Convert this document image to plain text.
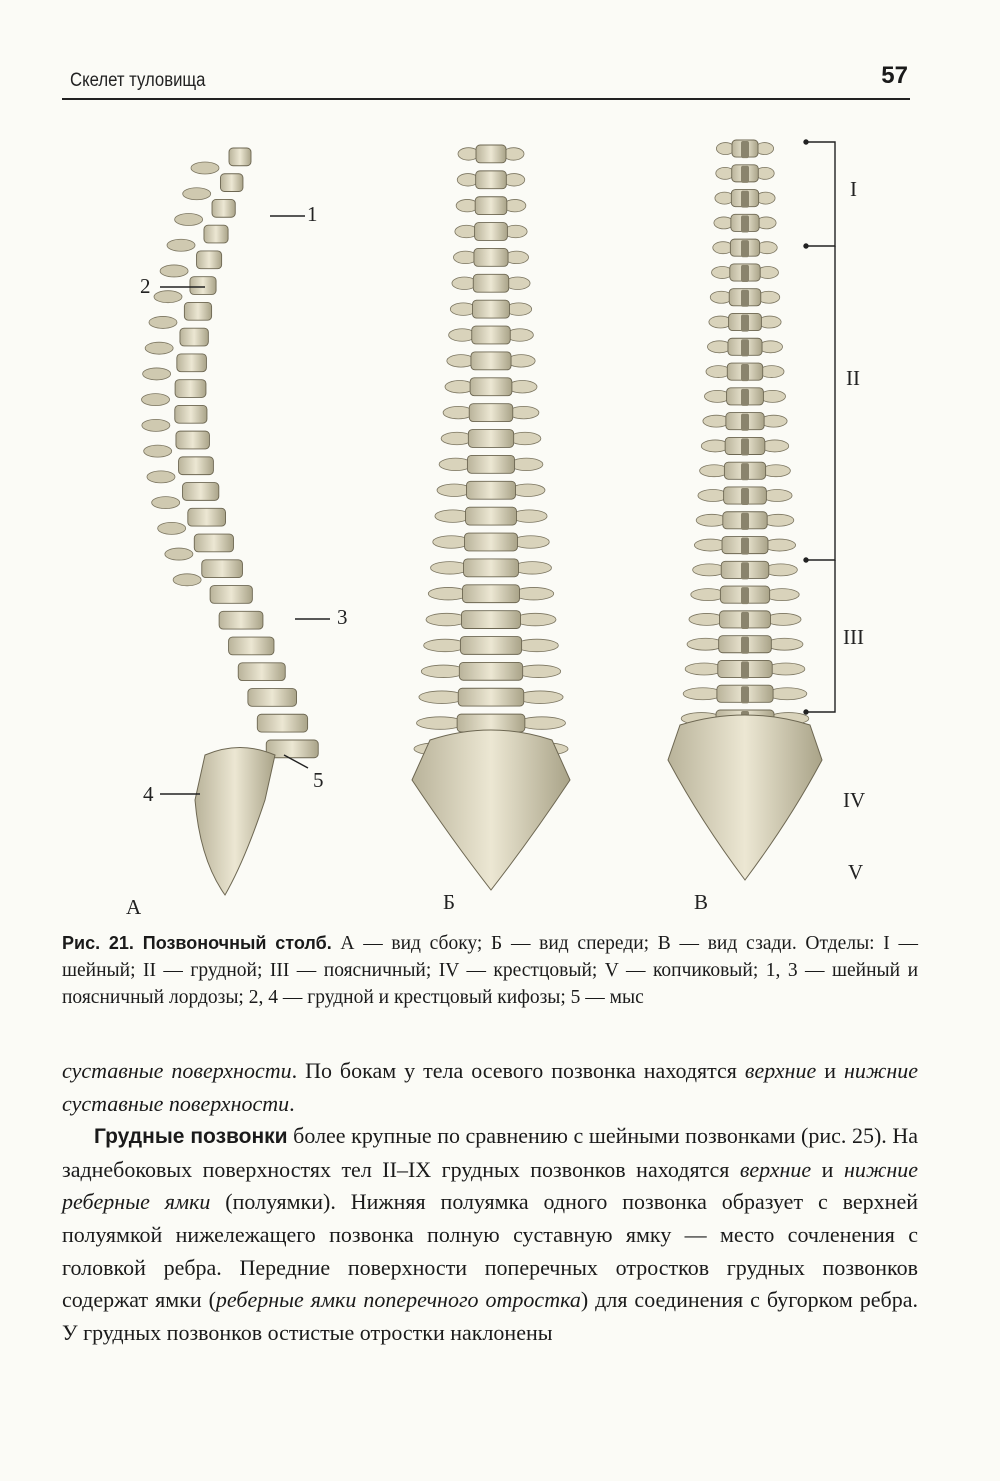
Скелет туловища	57
1
2
3
4
5
I
II
III
IV
V
А	Б	В
Рис. 21. Позвоночный столб. А — вид сбоку; Б — вид спереди; В — вид сзади. Отделы: I — шейный; II — грудной; III — поясничный; IV — крестцовый; V — копчиковый; 1, 3 — шейный и поясничный лордозы; 2, 4 — грудной и крестцовый кифозы; 5 — мыс

суставные поверхности. По бокам у тела осевого позвонка находятся верхние и нижние суставные поверхности.

Грудные позвонки более крупные по сравнению с шейными позвонками (рис. 25). На заднебоковых поверхностях тел II–IX грудных позвонков находятся верхние и нижние реберные ямки (полуямки). Нижняя полуямка одного позвонка образует с верхней полуямкой нижележащего позвонка полную суставную ямку — место сочленения с головкой ребра. Передние поверхности поперечных отростков грудных позвонков содержат ямки (реберные ямки поперечного отростка) для соединения с бугорком ребра. У грудных позвонков остистые отростки наклонены
